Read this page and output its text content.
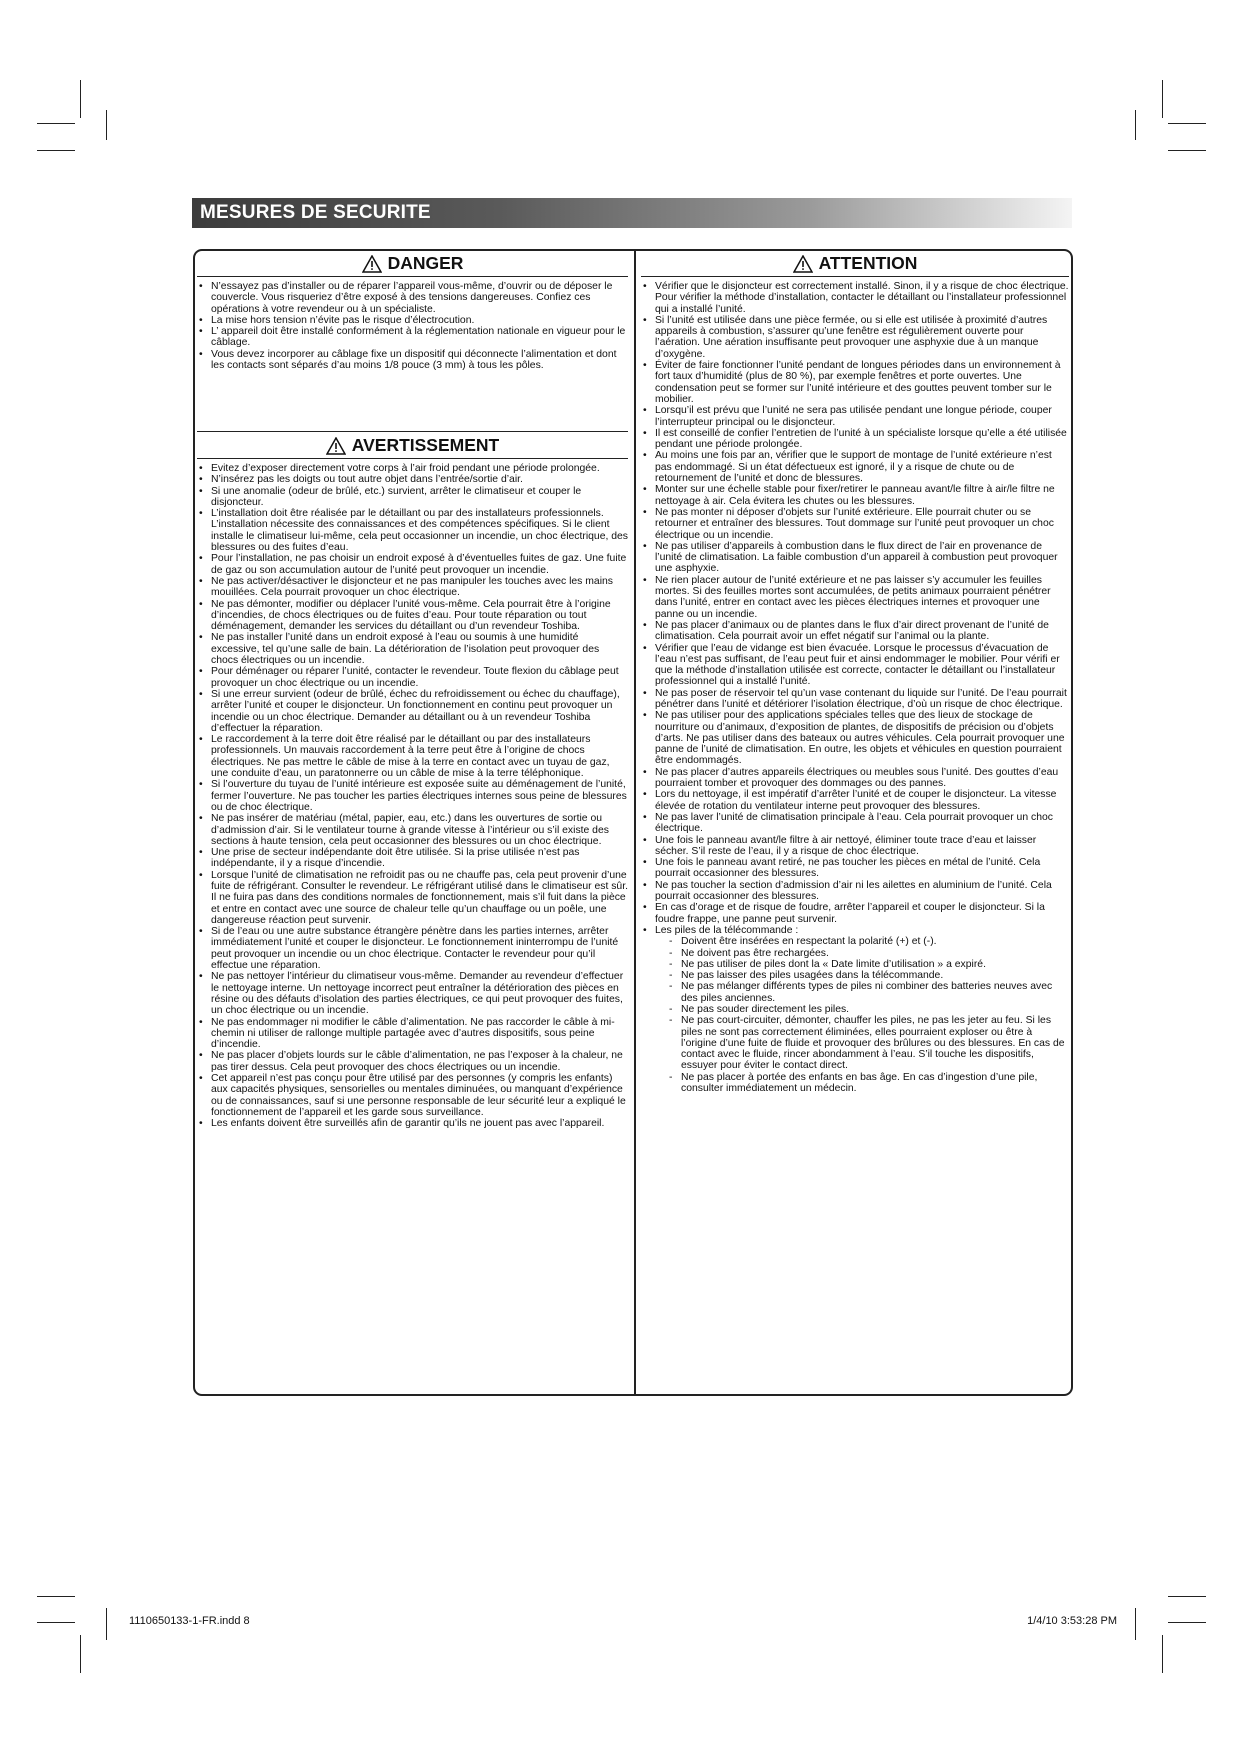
MESURES DE SECURITE
DANGER
• N’essayez pas d’installer ou de réparer l’appareil vous-même, d’ouvrir ou de déposer le couvercle. Vous risqueriez d’être exposé à des tensions dangereuses. Confiez ces opérations à votre revendeur ou à un spécialiste.
• La mise hors tension n’évite pas le risque d’électrocution.
• L’ appareil doit être installé conformément à la réglementation nationale en vigueur pour le câblage.
• Vous devez incorporer au câblage fixe un dispositif qui déconnecte l’alimentation et dont les contacts sont séparés d’au moins 1/8 pouce (3 mm) à tous les pôles.
AVERTISSEMENT
• Evitez d’exposer directement votre corps à l’air froid pendant une période prolongée.
• N’insérez pas les doigts ou tout autre objet dans l’entrée/sortie d’air.
• Si une anomalie (odeur de brûlé, etc.) survient, arrêter le climatiseur et couper le disjoncteur.
• L’installation doit être réalisée par le détaillant ou par des installateurs professionnels. L’installation nécessite des connaissances et des compétences spécifiques. Si le client installe le climatiseur lui-même, cela peut occasionner un incendie, un choc électrique, des blessures ou des fuites d’eau.
• Pour l’installation, ne pas choisir un endroit exposé à d’éventuelles fuites de gaz. Une fuite de gaz ou son accumulation autour de l’unité peut provoquer un incendie.
• Ne pas activer/désactiver le disjoncteur et ne pas manipuler les touches avec les mains mouillées. Cela pourrait provoquer un choc électrique.
• Ne pas démonter, modifier ou déplacer l’unité vous-même. Cela pourrait être à l’origine d’incendies, de chocs électriques ou de fuites d’eau. Pour toute réparation ou tout déménagement, demander les services du détaillant ou d’un revendeur Toshiba.
• Ne pas installer l’unité dans un endroit exposé à l’eau ou soumis à une humidité excessive, tel qu’une salle de bain. La détérioration de l’isolation peut provoquer des chocs électriques ou un incendie.
• Pour déménager ou réparer l’unité, contacter le revendeur. Toute flexion du câblage peut provoquer un choc électrique ou un incendie.
• Si une erreur survient (odeur de brûlé, échec du refroidissement ou échec du chauffage), arrêter l’unité et couper le disjoncteur. Un fonctionnement en continu peut provoquer un incendie ou un choc électrique. Demander au détaillant ou à un revendeur Toshiba d’effectuer la réparation.
• Le raccordement à la terre doit être réalisé par le détaillant ou par des installateurs professionnels. Un mauvais raccordement à la terre peut être à l’origine de chocs électriques. Ne pas mettre le câble de mise à la terre en contact avec un tuyau de gaz, une conduite d’eau, un paratonnerre ou un câble de mise à la terre téléphonique.
• Si l’ouverture du tuyau de l’unité intérieure est exposée suite au déménagement de l’unité, fermer l’ouverture. Ne pas toucher les parties électriques internes sous peine de blessures ou de choc électrique.
• Ne pas insérer de matériau (métal, papier, eau, etc.) dans les ouvertures de sortie ou d’admission d’air. Si le ventilateur tourne à grande vitesse à l’intérieur ou s’il existe des sections à haute tension, cela peut occasionner des blessures ou un choc électrique.
• Une prise de secteur indépendante doit être utilisée. Si la prise utilisée n’est pas indépendante, il y a risque d’incendie.
• Lorsque l’unité de climatisation ne refroidit pas ou ne chauffe pas, cela peut provenir d’une fuite de réfrigérant. Consulter le revendeur. Le réfrigérant utilisé dans le climatiseur est sûr. Il ne fuira pas dans des conditions normales de fonctionnement, mais s’il fuit dans la pièce et entre en contact avec une source de chaleur telle qu’un chauffage ou un poêle, une dangereuse réaction peut survenir.
• Si de l’eau ou une autre substance étrangère pénètre dans les parties internes, arrêter immédiatement l’unité et couper le disjoncteur. Le fonctionnement ininterrompu de l’unité peut provoquer un incendie ou un choc électrique. Contacter le revendeur pour qu’il effectue une réparation.
• Ne pas nettoyer l’intérieur du climatiseur vous-même. Demander au revendeur d’effectuer le nettoyage interne. Un nettoyage incorrect peut entraîner la détérioration des pièces en résine ou des défauts d’isolation des parties électriques, ce qui peut provoquer des fuites, un choc électrique ou un incendie.
• Ne pas endommager ni modifier le câble d’alimentation. Ne pas raccorder le câble à mi-chemin ni utiliser de rallonge multiple partagée avec d’autres dispositifs, sous peine d’incendie.
• Ne pas placer d’objets lourds sur le câble d’alimentation, ne pas l’exposer à la chaleur, ne pas tirer dessus. Cela peut provoquer des chocs électriques ou un incendie.
• Cet appareil n’est pas conçu pour être utilisé par des personnes (y compris les enfants) aux capacités physiques, sensorielles ou mentales diminuées, ou manquant d’expérience ou de connaissances, sauf si une personne responsable de leur sécurité leur a expliqué le fonctionnement de l’appareil et les garde sous surveillance.
• Les enfants doivent être surveillés afin de garantir qu’ils ne jouent pas avec l’appareil.
ATTENTION
• Vérifier que le disjoncteur est correctement installé. Sinon, il y a risque de choc électrique. Pour vérifier la méthode d’installation, contacter le détaillant ou l’installateur professionnel qui a installé l’unité.
• Si l’unité est utilisée dans une pièce fermée, ou si elle est utilisée à proximité d’autres appareils à combustion, s’assurer qu’une fenêtre est régulièrement ouverte pour l’aération. Une aération insuffisante peut provoquer une asphyxie due à un manque d’oxygène.
• Éviter de faire fonctionner l’unité pendant de longues périodes dans un environnement à fort taux d’humidité (plus de 80 %), par exemple fenêtres et porte ouvertes. Une condensation peut se former sur l’unité intérieure et des gouttes peuvent tomber sur le mobilier.
• Lorsqu’il est prévu que l’unité ne sera pas utilisée pendant une longue période, couper l’interrupteur principal ou le disjoncteur.
• Il est conseillé de confier l’entretien de l’unité à un spécialiste lorsque qu’elle a été utilisée pendant une période prolongée.
• Au moins une fois par an, vérifier que le support de montage de l’unité extérieure n’est pas endommagé. Si un état défectueux est ignoré, il y a risque de chute ou de retournement de l’unité et donc de blessures.
• Monter sur une échelle stable pour fixer/retirer le panneau avant/le filtre à air/le filtre ne nettoyage à air. Cela évitera les chutes ou les blessures.
• Ne pas monter ni déposer d’objets sur l’unité extérieure. Elle pourrait chuter ou se retourner et entraîner des blessures. Tout dommage sur l’unité peut provoquer un choc électrique ou un incendie.
• Ne pas utiliser d’appareils à combustion dans le flux direct de l’air en provenance de l’unité de climatisation. La faible combustion d’un appareil à combustion peut provoquer une asphyxie.
• Ne rien placer autour de l’unité extérieure et ne pas laisser s’y accumuler les feuilles mortes. Si des feuilles mortes sont accumulées, de petits animaux pourraient pénétrer dans l’unité, entrer en contact avec les pièces électriques internes et provoquer une panne ou un incendie.
• Ne pas placer d’animaux ou de plantes dans le flux d’air direct provenant de l’unité de climatisation. Cela pourrait avoir un effet négatif sur l’animal ou la plante.
• Vérifier que l’eau de vidange est bien évacuée. Lorsque le processus d’évacuation de l’eau n’est pas suffisant, de l’eau peut fuir et ainsi endommager le mobilier. Pour vérifi er que la méthode d’installation utilisée est correcte, contacter le détaillant ou l’installateur professionnel qui a installé l’unité.
• Ne pas poser de réservoir tel qu’un vase contenant du liquide sur l’unité. De l’eau pourrait pénétrer dans l’unité et détériorer l’isolation électrique, d’où un risque de choc électrique.
• Ne pas utiliser pour des applications spéciales telles que des lieux de stockage de nourriture ou d’animaux, d’exposition de plantes, de dispositifs de précision ou d’objets d’arts. Ne pas utiliser dans des bateaux ou autres véhicules. Cela pourrait provoquer une panne de l’unité de climatisation. En outre, les objets et véhicules en question pourraient être endommagés.
• Ne pas placer d’autres appareils électriques ou meubles sous l’unité. Des gouttes d’eau pourraient tomber et provoquer des dommages ou des pannes.
• Lors du nettoyage, il est impératif d’arrêter l’unité et de couper le disjoncteur. La vitesse élevée de rotation du ventilateur interne peut provoquer des blessures.
• Ne pas laver l’unité de climatisation principale à l’eau. Cela pourrait provoquer un choc électrique.
• Une fois le panneau avant/le filtre à air nettoyé, éliminer toute trace d’eau et laisser sécher. S’il reste de l’eau, il y a risque de choc électrique.
• Une fois le panneau avant retiré, ne pas toucher les pièces en métal de l’unité. Cela pourrait occasionner des blessures.
• Ne pas toucher la section d’admission d’air ni les ailettes en aluminium de l’unité. Cela pourrait occasionner des blessures.
• En cas d’orage et de risque de foudre, arrêter l’appareil et couper le disjoncteur. Si la foudre frappe, une panne peut survenir.
• Les piles de la télécommande :
- Doivent être insérées en respectant la polarité (+) et (-).
- Ne doivent pas être rechargées.
- Ne pas utiliser de piles dont la « Date limite d’utilisation » a expiré.
- Ne pas laisser des piles usagées dans la télécommande.
- Ne pas mélanger différents types de piles ni combiner des batteries neuves avec des piles anciennes.
- Ne pas souder directement les piles.
- Ne pas court-circuiter, démonter, chauffer les piles, ne pas les jeter au feu. Si les piles ne sont pas correctement éliminées, elles pourraient exploser ou être à l’origine d’une fuite de fluide et provoquer des brûlures ou des blessures. En cas de contact avec le fluide, rincer abondamment à l’eau. S’il touche les dispositifs, essuyer pour éviter le contact direct.
- Ne pas placer à portée des enfants en bas âge. En cas d’ingestion d’une pile, consulter immédiatement un médecin.
1110650133-1-FR.indd 8	1/4/10 3:53:28 PM
